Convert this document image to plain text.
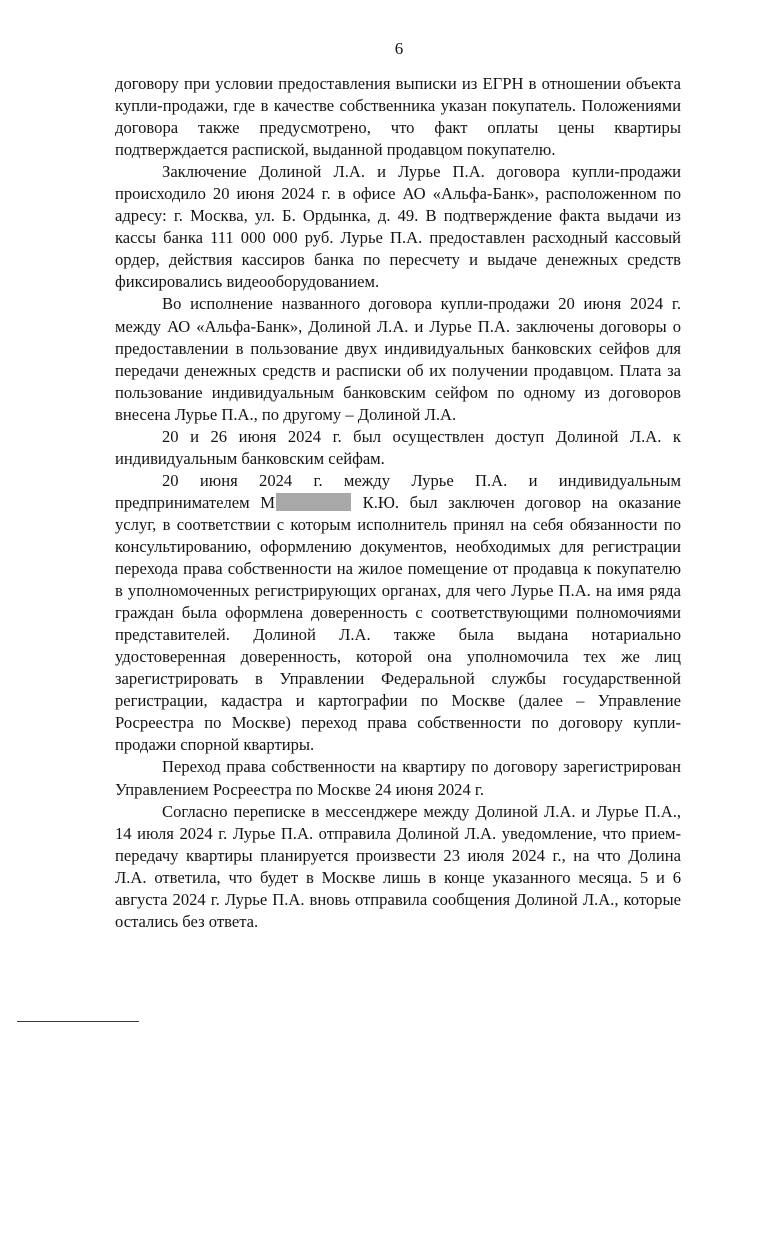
6

договору при условии предоставления выписки из ЕГРН в отношении объекта купли-продажи, где в качестве собственника указан покупатель. Положениями договора также предусмотрено, что факт оплаты цены квартиры подтверждается распиской, выданной продавцом покупателю.

Заключение Долиной Л.А. и Лурье П.А. договора купли-продажи происходило 20 июня 2024 г. в офисе АО «Альфа-Банк», расположенном по адресу: г. Москва, ул. Б. Ордынка, д. 49. В подтверждение факта выдачи из кассы банка 111 000 000 руб. Лурье П.А. предоставлен расходный кассовый ордер, действия кассиров банка по пересчету и выдаче денежных средств фиксировались видеооборудованием.

Во исполнение названного договора купли-продажи 20 июня 2024 г. между АО «Альфа-Банк», Долиной Л.А. и Лурье П.А. заключены договоры о предоставлении в пользование двух индивидуальных банковских сейфов для передачи денежных средств и расписки об их получении продавцом. Плата за пользование индивидуальным банковским сейфом по одному из договоров внесена Лурье П.А., по другому – Долиной Л.А.

20 и 26 июня 2024 г. был осуществлен доступ Долиной Л.А. к индивидуальным банковским сейфам.

20 июня 2024 г. между Лурье П.А. и индивидуальным предпринимателем М	К.Ю. был заключен договор на оказание услуг, в соответствии с которым исполнитель принял на себя обязанности по консультированию, оформлению документов, необходимых для регистрации перехода права собственности на жилое помещение от продавца к покупателю в уполномоченных регистрирующих органах, для чего Лурье П.А. на имя ряда граждан была оформлена доверенность с соответствующими полномочиями представителей. Долиной Л.А. также была выдана нотариально удостоверенная доверенность, которой она уполномочила тех же лиц зарегистрировать в Управлении Федеральной службы государственной регистрации, кадастра и картографии по Москве (далее – Управление Росреестра по Москве) переход права собственности по договору купли-продажи спорной квартиры.

Переход права собственности на квартиру по договору зарегистрирован Управлением Росреестра по Москве 24 июня 2024 г.

Согласно переписке в мессенджере между Долиной Л.А. и Лурье П.А., 14 июля 2024 г. Лурье П.А. отправила Долиной Л.А. уведомление, что прием-передачу квартиры планируется произвести 23 июля 2024 г., на что Долина Л.А. ответила, что будет в Москве лишь в конце указанного месяца. 5 и 6 августа 2024 г. Лурье П.А. вновь отправила сообщения Долиной Л.А., которые остались без ответа.
